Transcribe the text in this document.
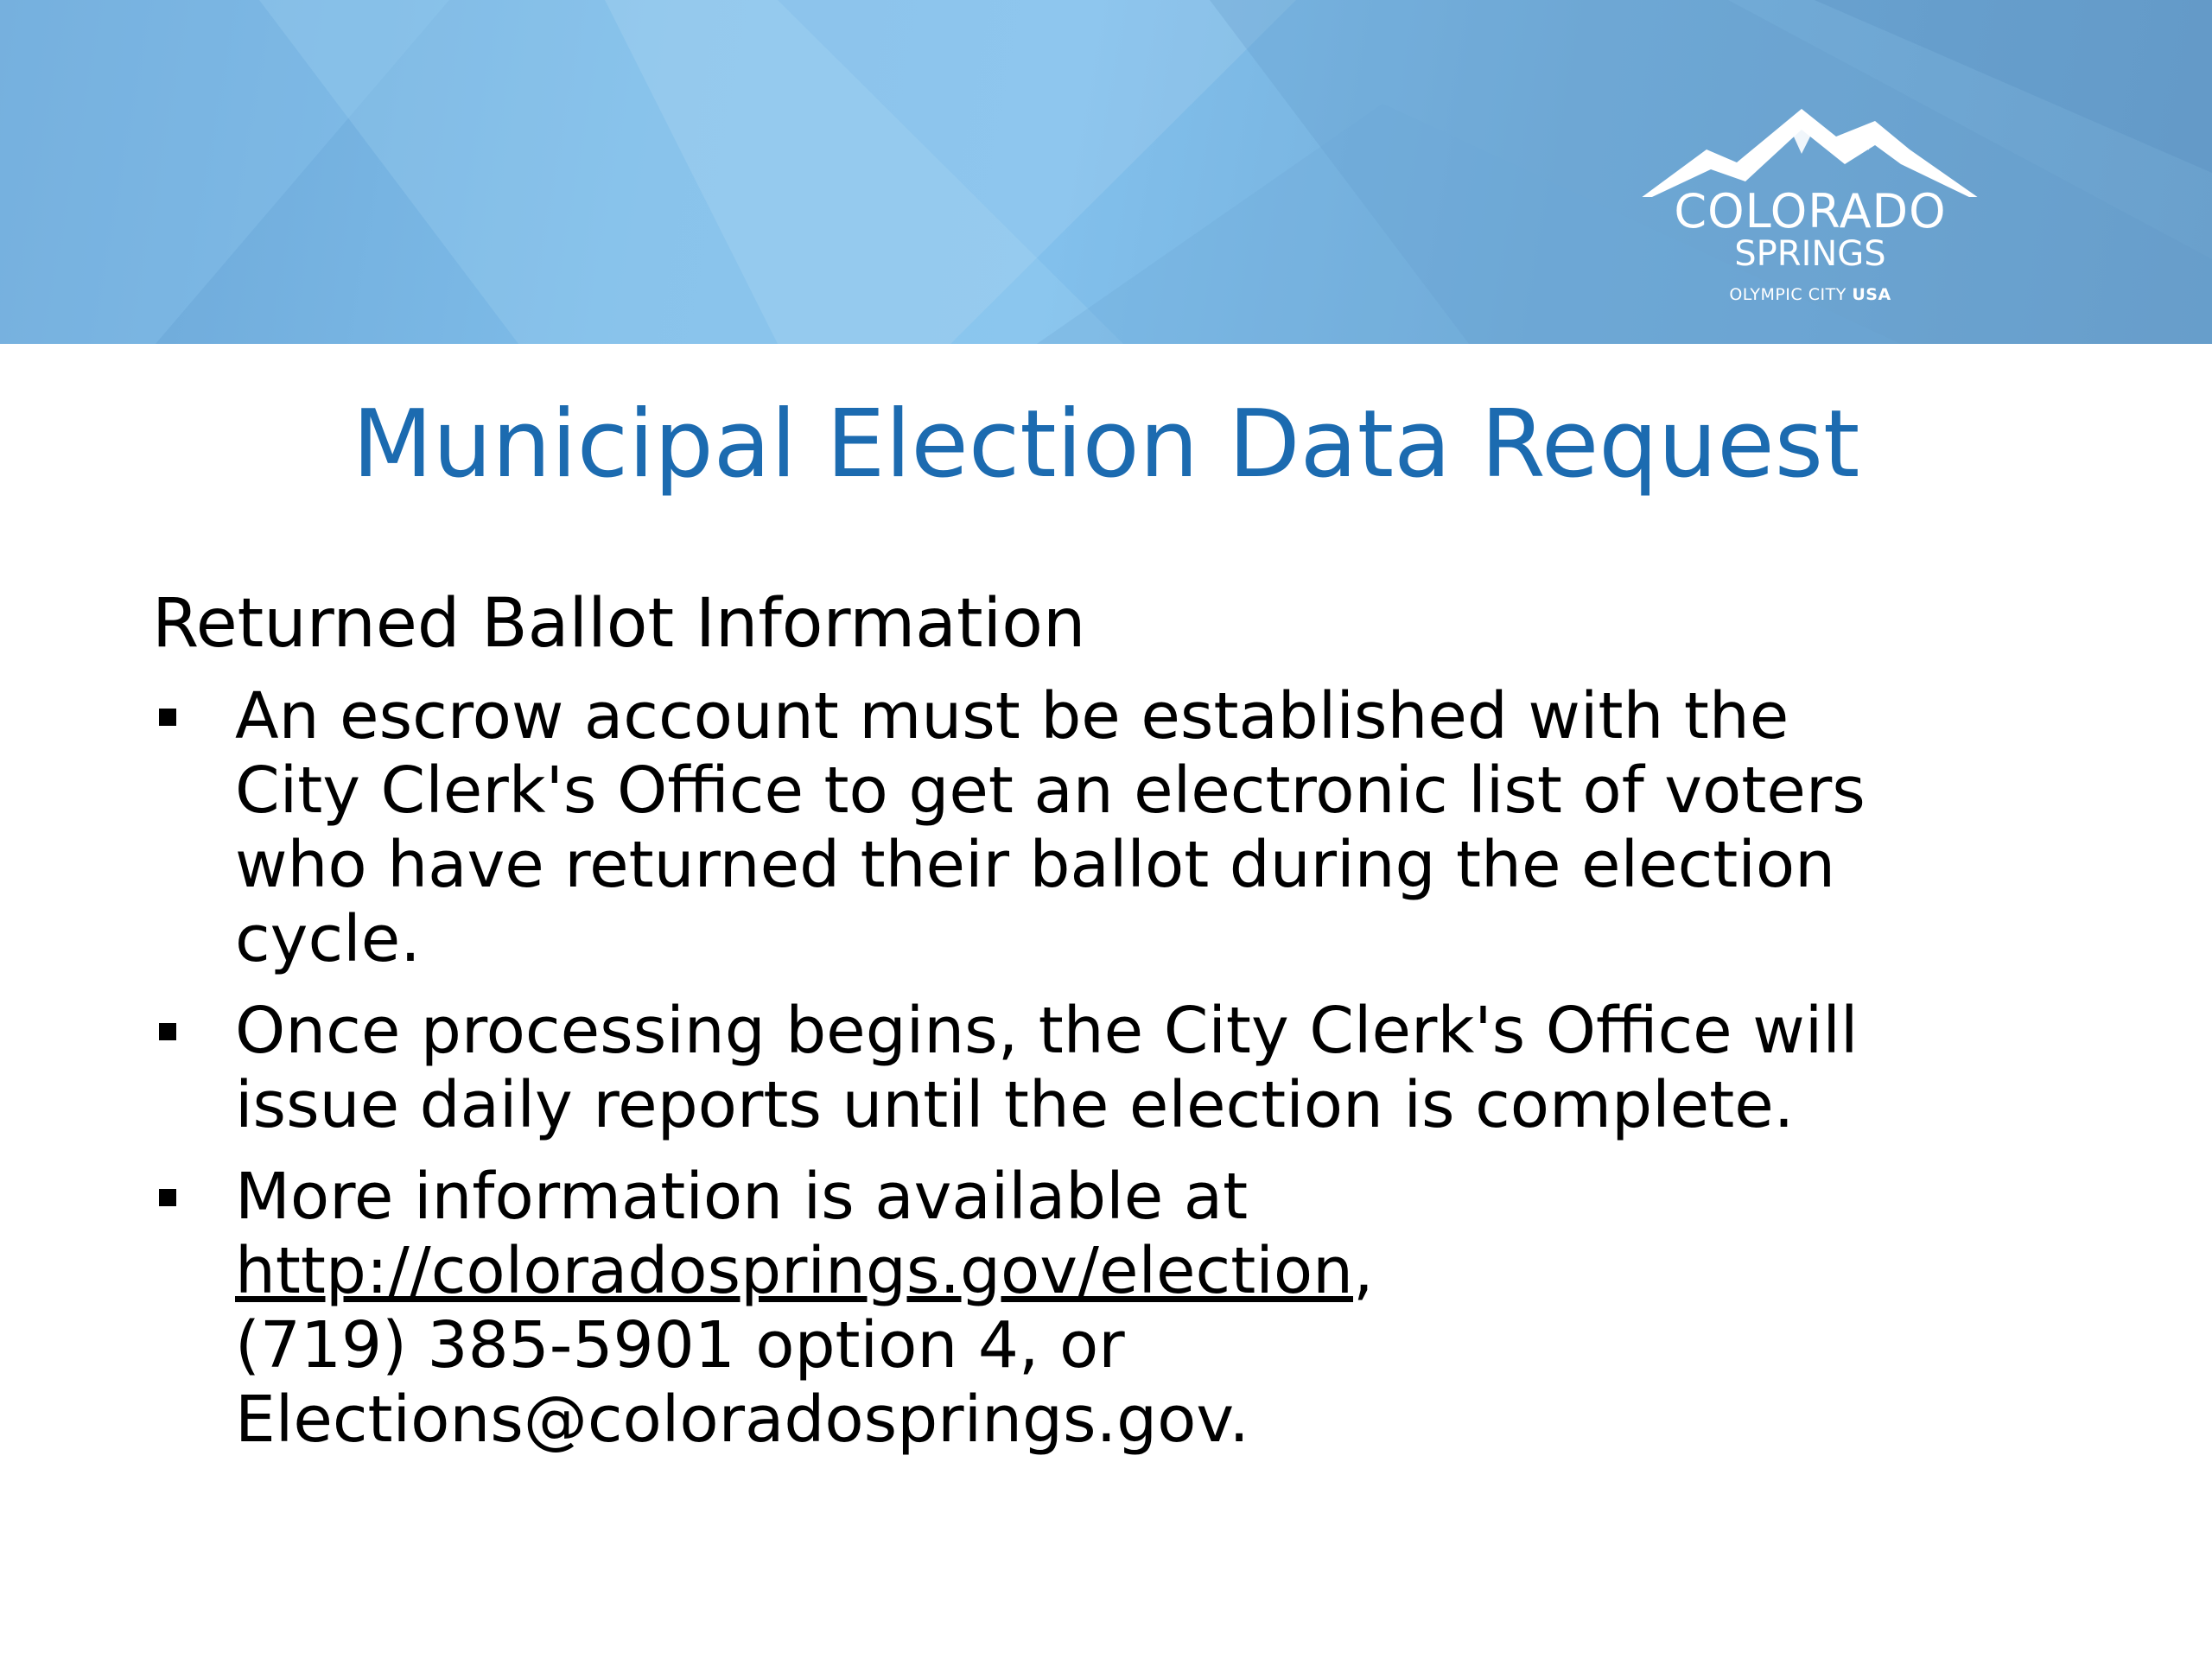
COLORADO
SPRINGS
OLYMPIC CITY USA
Municipal Election Data Request
Returned Ballot Information
An escrow account must be established with the
City Clerk's Office to get an electronic list of voters
who have returned their ballot during the election
cycle.
Once processing begins, the City Clerk's Office will
issue daily reports until the election is complete.
More information is available at
http://coloradosprings.gov/election,
(719) 385-5901 option 4, or
Elections@coloradosprings.gov.
